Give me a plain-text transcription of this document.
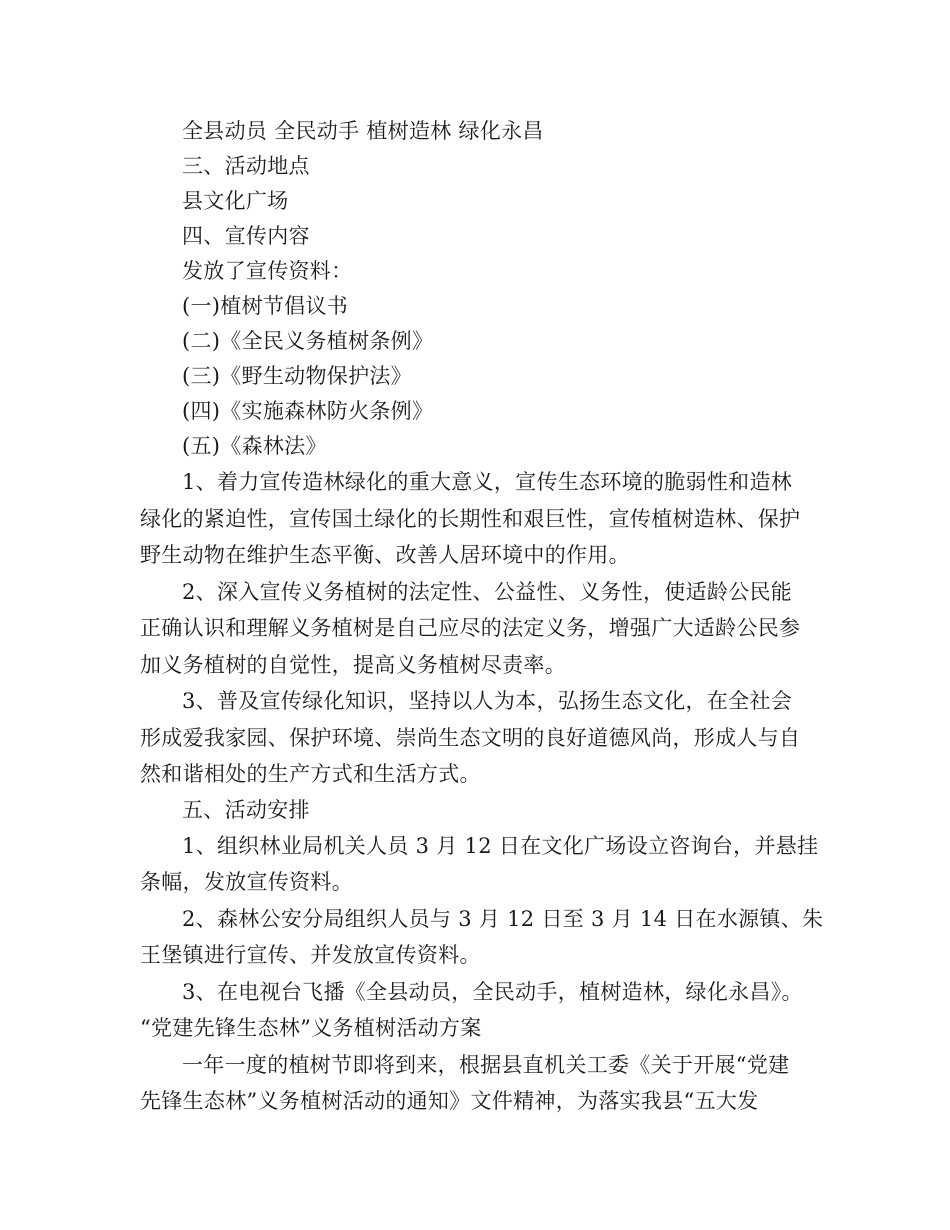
全县动员 全民动手 植树造林 绿化永昌
三、活动地点
县文化广场
四、宣传内容
发放了宣传资料：
(一)植树节倡议书
(二)《全民义务植树条例》
(三)《野生动物保护法》
(四)《实施森林防火条例》
(五)《森林法》
1、着力宣传造林绿化的重大意义，宣传生态环境的脆弱性和造林
绿化的紧迫性，宣传国土绿化的长期性和艰巨性，宣传植树造林、保护
野生动物在维护生态平衡、改善人居环境中的作用。
2、深入宣传义务植树的法定性、公益性、义务性，使适龄公民能
正确认识和理解义务植树是自己应尽的法定义务，增强广大适龄公民参
加义务植树的自觉性，提高义务植树尽责率。
3、普及宣传绿化知识，坚持以人为本，弘扬生态文化，在全社会
形成爱我家园、保护环境、崇尚生态文明的良好道德风尚，形成人与自
然和谐相处的生产方式和生活方式。
五、活动安排
1、组织林业局机关人员 3 月 12 日在文化广场设立咨询台，并悬挂
条幅，发放宣传资料。
2、森林公安分局组织人员与 3 月 12 日至 3 月 14 日在水源镇、朱
王堡镇进行宣传、并发放宣传资料。
3、在电视台飞播《全县动员，全民动手，植树造林，绿化永昌》。
“党建先锋生态林”义务植树活动方案
一年一度的植树节即将到来，根据县直机关工委《关于开展“党建
先锋生态林”义务植树活动的通知》文件精神，为落实我县“五大发
